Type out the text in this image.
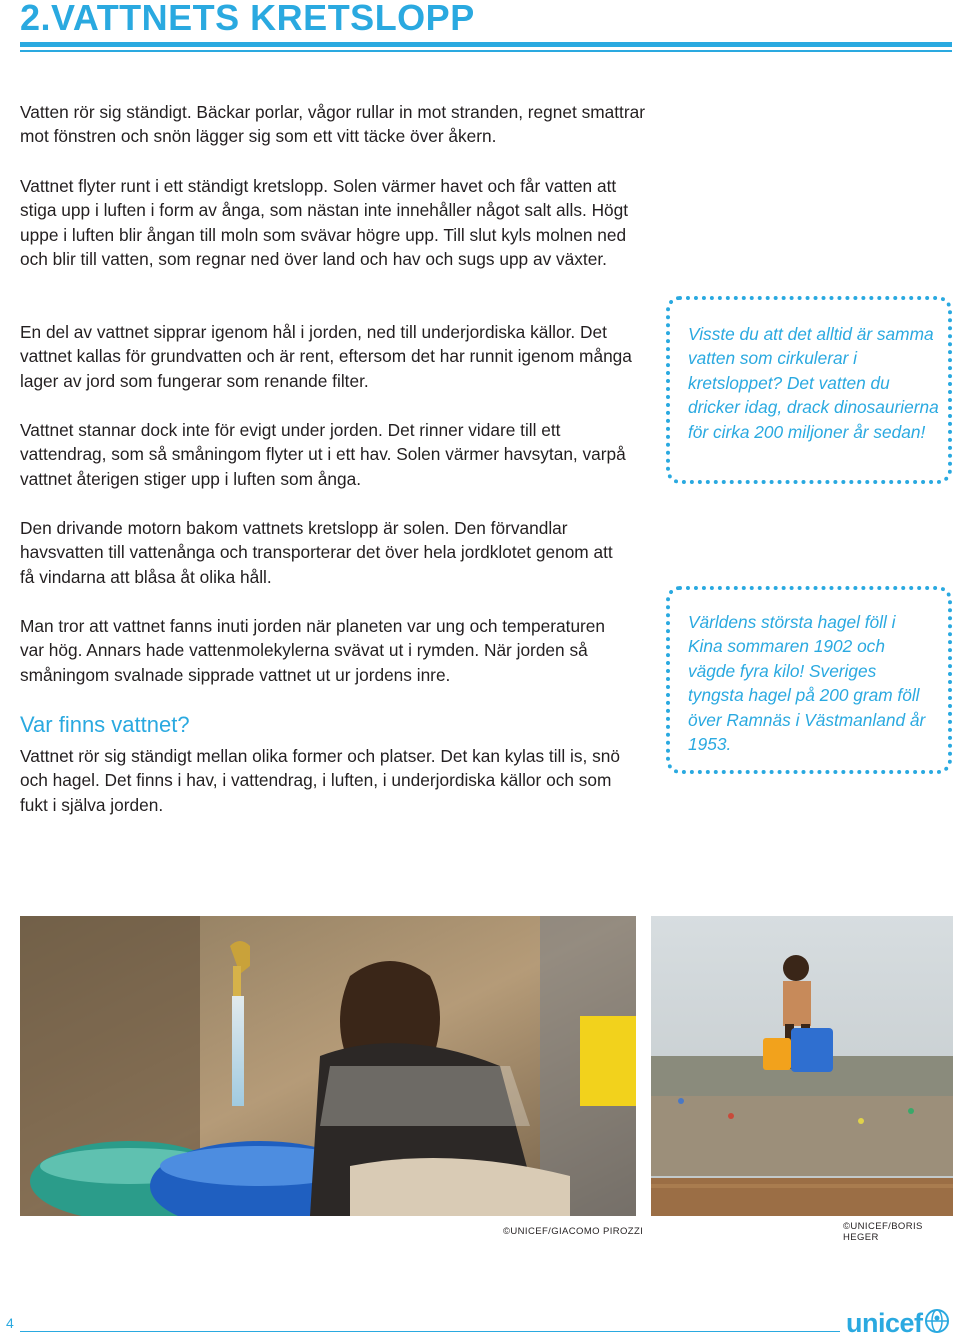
2.VATTNETS KRETSLOPP

Vatten rör sig ständigt. Bäckar porlar, vågor rullar in mot stranden, regnet smattrar mot fönstren och snön lägger sig som ett vitt täcke över åkern.

Vattnet flyter runt i ett ständigt kretslopp. Solen värmer havet och får vatten att stiga upp i luften i form av ånga, som nästan inte innehåller något salt alls. Högt uppe i luften blir ångan till moln som svävar högre upp. Till slut kyls molnen ned och blir till vatten, som regnar ned över land och hav och sugs upp av växter.

En del av vattnet sipprar igenom hål i jorden, ned till underjordiska källor. Det vattnet kallas för grundvatten och är rent, eftersom det har runnit igenom många lager av jord som fungerar som renande filter.

Vattnet stannar dock inte för evigt under jorden. Det rinner vidare till ett vattendrag, som så småningom flyter ut i ett hav. Solen värmer havsytan, varpå vattnet återigen stiger upp i luften som ånga.

Den drivande motorn bakom vattnets kretslopp är solen. Den förvandlar havsvatten till vattenånga och transporterar det över hela jordklotet genom att få vindarna att blåsa åt olika håll.

Man tror att vattnet fanns inuti jorden när planeten var ung och temperaturen var hög. Annars hade vattenmolekylerna svävat ut i rymden. När jorden så småningom svalnade sipprade vattnet ut ur jordens inre.

Var finns vattnet?

Vattnet rör sig ständigt mellan olika former och platser. Det kan kylas till is, snö och hagel. Det finns i hav, i vattendrag, i luften, i underjordiska källor och som fukt i själva jorden.

Visste du att det alltid är samma vatten som cirkulerar i kretsloppet? Det vatten du dricker idag, drack dinosaurierna för cirka 200 miljoner år sedan!

Världens största hagel föll i Kina sommaren 1902 och vägde fyra kilo! Sveriges tyngsta hagel på 200 gram föll över Ramnäs i Västmanland år 1953.

©UNICEF/GIACOMO PIROZZI	©UNICEF/BORIS HEGER

4	unicef
